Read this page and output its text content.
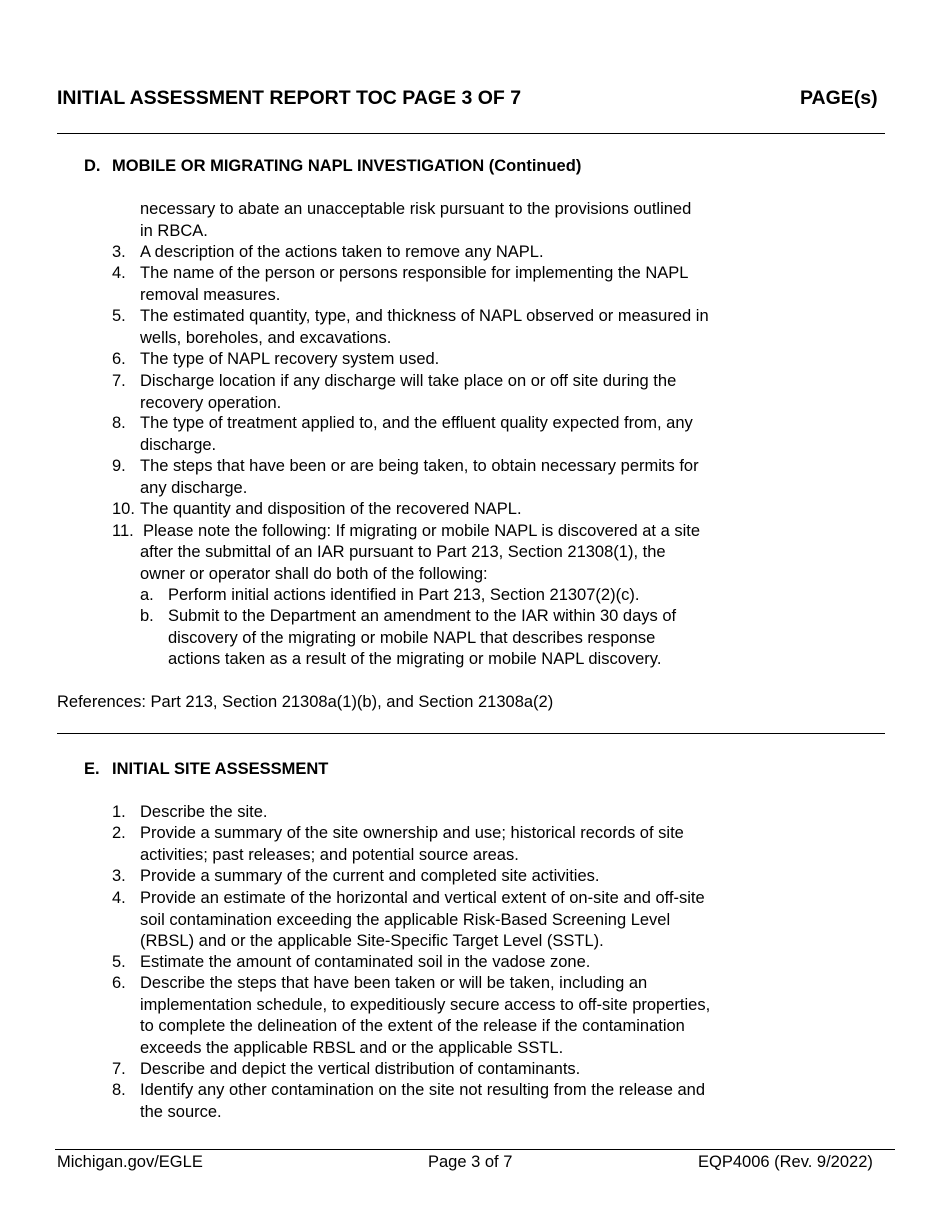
INITIAL ASSESSMENT REPORT TOC PAGE 3 OF 7	PAGE(s)
D. MOBILE OR MIGRATING NAPL INVESTIGATION (Continued)
necessary to abate an unacceptable risk pursuant to the provisions outlined
in RBCA.
3. A description of the actions taken to remove any NAPL.
4. The name of the person or persons responsible for implementing the NAPL
removal measures.
5. The estimated quantity, type, and thickness of NAPL observed or measured in
wells, boreholes, and excavations.
6. The type of NAPL recovery system used.
7. Discharge location if any discharge will take place on or off site during the
recovery operation.
8. The type of treatment applied to, and the effluent quality expected from, any
discharge.
9. The steps that have been or are being taken, to obtain necessary permits for
any discharge.
10. The quantity and disposition of the recovered NAPL.
11. Please note the following: If migrating or mobile NAPL is discovered at a site
after the submittal of an IAR pursuant to Part 213, Section 21308(1), the
owner or operator shall do both of the following:
a. Perform initial actions identified in Part 213, Section 21307(2)(c).
b. Submit to the Department an amendment to the IAR within 30 days of
discovery of the migrating or mobile NAPL that describes response
actions taken as a result of the migrating or mobile NAPL discovery.
References: Part 213, Section 21308a(1)(b), and Section 21308a(2)
E. INITIAL SITE ASSESSMENT
1. Describe the site.
2. Provide a summary of the site ownership and use; historical records of site
activities; past releases; and potential source areas.
3. Provide a summary of the current and completed site activities.
4. Provide an estimate of the horizontal and vertical extent of on-site and off-site
soil contamination exceeding the applicable Risk-Based Screening Level
(RBSL) and or the applicable Site-Specific Target Level (SSTL).
5. Estimate the amount of contaminated soil in the vadose zone.
6. Describe the steps that have been taken or will be taken, including an
implementation schedule, to expeditiously secure access to off-site properties,
to complete the delineation of the extent of the release if the contamination
exceeds the applicable RBSL and or the applicable SSTL.
7. Describe and depict the vertical distribution of contaminants.
8. Identify any other contamination on the site not resulting from the release and
the source.
Michigan.gov/EGLE	Page 3 of 7	EQP4006 (Rev. 9/2022)
